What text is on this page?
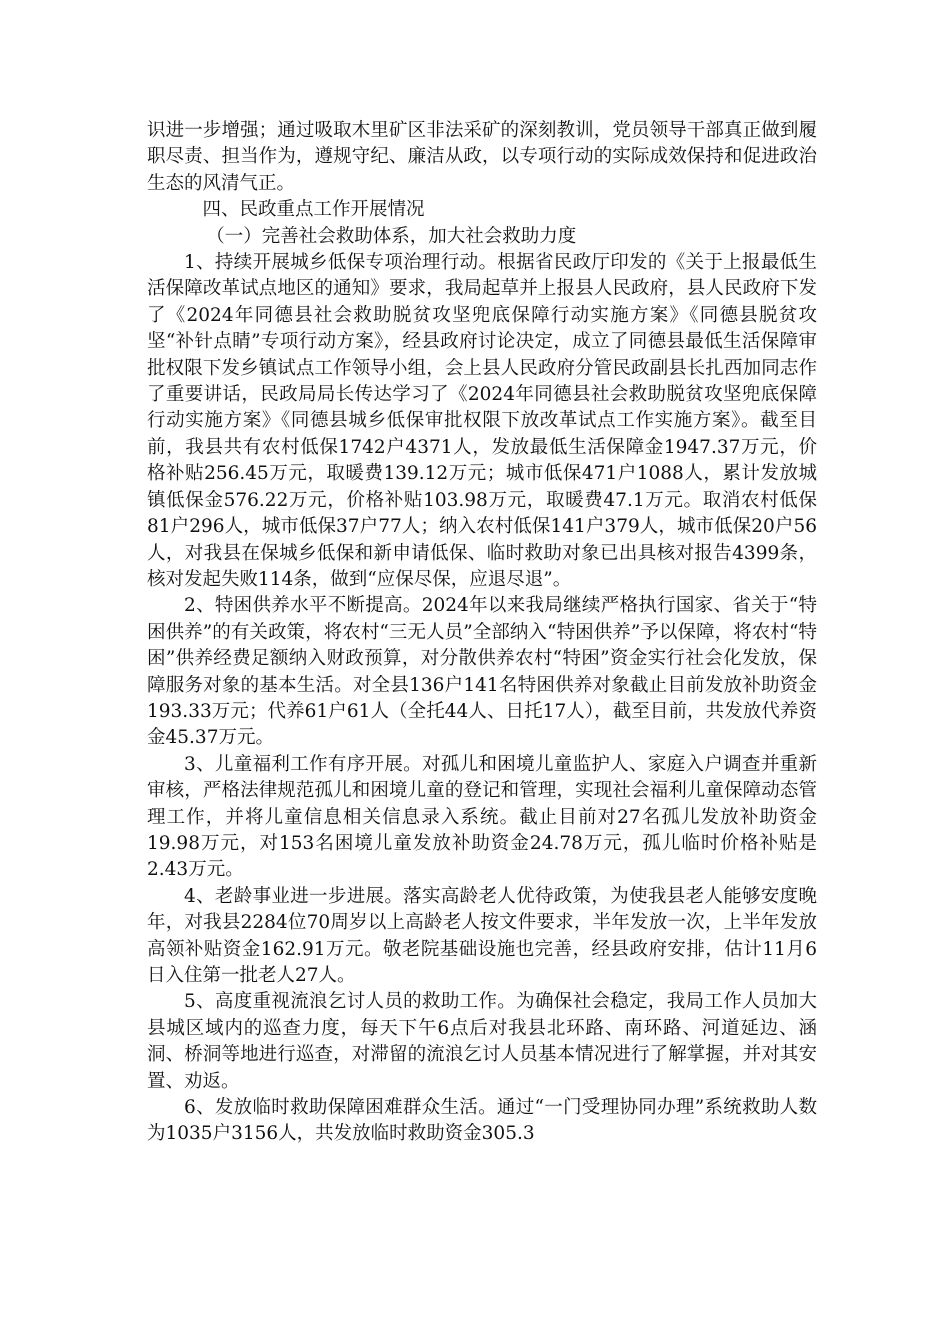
识进一步增强；通过吸取木里矿区非法采矿的深刻教训，党员领导干部真正做到履职尽责、担当作为，遵规守纪、廉洁从政，以专项行动的实际成效保持和促进政治生态的风清气正。

四、民政重点工作开展情况

（一）完善社会救助体系，加大社会救助力度

1、持续开展城乡低保专项治理行动。根据省民政厅印发的《关于上报最低生活保障改革试点地区的通知》要求，我局起草并上报县人民政府，县人民政府下发了《2024年同德县社会救助脱贫攻坚兜底保障行动实施方案》《同德县脱贫攻坚“补针点睛”专项行动方案》，经县政府讨论决定，成立了同德县最低生活保障审批权限下发乡镇试点工作领导小组，会上县人民政府分管民政副县长扎西加同志作了重要讲话，民政局局长传达学习了《2024年同德县社会救助脱贫攻坚兜底保障行动实施方案》《同德县城乡低保审批权限下放改革试点工作实施方案》。截至目前，我县共有农村低保1742户4371人，发放最低生活保障金1947.37万元，价格补贴256.45万元，取暖费139.12万元；城市低保471户1088人，累计发放城镇低保金576.22万元，价格补贴103.98万元，取暖费47.1万元。取消农村低保81户296人，城市低保37户77人；纳入农村低保141户379人，城市低保20户56人，对我县在保城乡低保和新申请低保、临时救助对象已出具核对报告4399条，核对发起失败114条，做到“应保尽保，应退尽退”。

2、特困供养水平不断提高。2024年以来我局继续严格执行国家、省关于“特困供养”的有关政策，将农村“三无人员”全部纳入“特困供养”予以保障，将农村“特困”供养经费足额纳入财政预算，对分散供养农村“特困”资金实行社会化发放，保障服务对象的基本生活。对全县136户141名特困供养对象截止目前发放补助资金193.33万元；代养61户61人（全托44人、日托17人），截至目前，共发放代养资金45.37万元。

3、儿童福利工作有序开展。对孤儿和困境儿童监护人、家庭入户调查并重新审核，严格法律规范孤儿和困境儿童的登记和管理，实现社会福利儿童保障动态管理工作，并将儿童信息相关信息录入系统。截止目前对27名孤儿发放补助资金19.98万元，对153名困境儿童发放补助资金24.78万元，孤儿临时价格补贴是2.43万元。

4、老龄事业进一步进展。落实高龄老人优待政策，为使我县老人能够安度晚年，对我县2284位70周岁以上高龄老人按文件要求，半年发放一次，上半年发放高领补贴资金162.91万元。敬老院基础设施也完善，经县政府安排，估计11月6日入住第一批老人27人。

5、高度重视流浪乞讨人员的救助工作。为确保社会稳定，我局工作人员加大县城区域内的巡查力度，每天下午6点后对我县北环路、南环路、河道延边、涵洞、桥洞等地进行巡查，对滞留的流浪乞讨人员基本情况进行了解掌握，并对其安置、劝返。

6、发放临时救助保障困难群众生活。通过“一门受理协同办理”系统救助人数为1035户3156人，共发放临时救助资金305.3
